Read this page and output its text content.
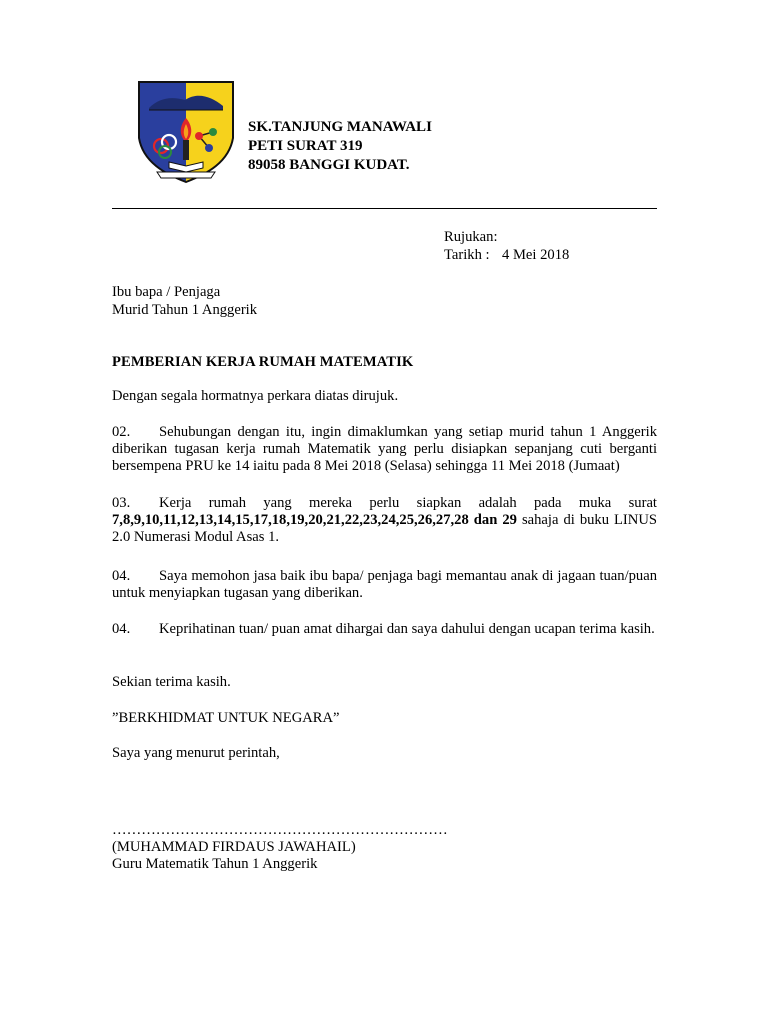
SK.TANJUNG MANAWALI
PETI SURAT 319
89058 BANGGI KUDAT.
Rujukan:
Tarikh : 4 Mei 2018
Ibu bapa / Penjaga
Murid Tahun 1 Anggerik
PEMBERIAN KERJA RUMAH MATEMATIK
Dengan segala hormatnya perkara diatas dirujuk.
02. Sehubungan dengan itu, ingin dimaklumkan yang setiap murid tahun 1 Anggerik diberikan tugasan kerja rumah Matematik yang perlu disiapkan sepanjang cuti berganti bersempena PRU ke 14 iaitu pada 8 Mei 2018 (Selasa) sehingga 11 Mei 2018 (Jumaat)
03. Kerja rumah yang mereka perlu siapkan adalah pada muka surat 7,8,9,10,11,12,13,14,15,17,18,19,20,21,22,23,24,25,26,27,28 dan 29 sahaja di buku LINUS 2.0 Numerasi Modul Asas 1.
04. Saya memohon jasa baik ibu bapa/ penjaga bagi memantau anak di jagaan tuan/puan untuk menyiapkan tugasan yang diberikan.
04. Keprihatinan tuan/ puan amat dihargai dan saya dahului dengan ucapan terima kasih.
Sekian terima kasih.
”BERKHIDMAT UNTUK NEGARA”
Saya yang menurut perintah,
……………………………………………………………
(MUHAMMAD FIRDAUS JAWAHAIL)
Guru Matematik Tahun 1 Anggerik
